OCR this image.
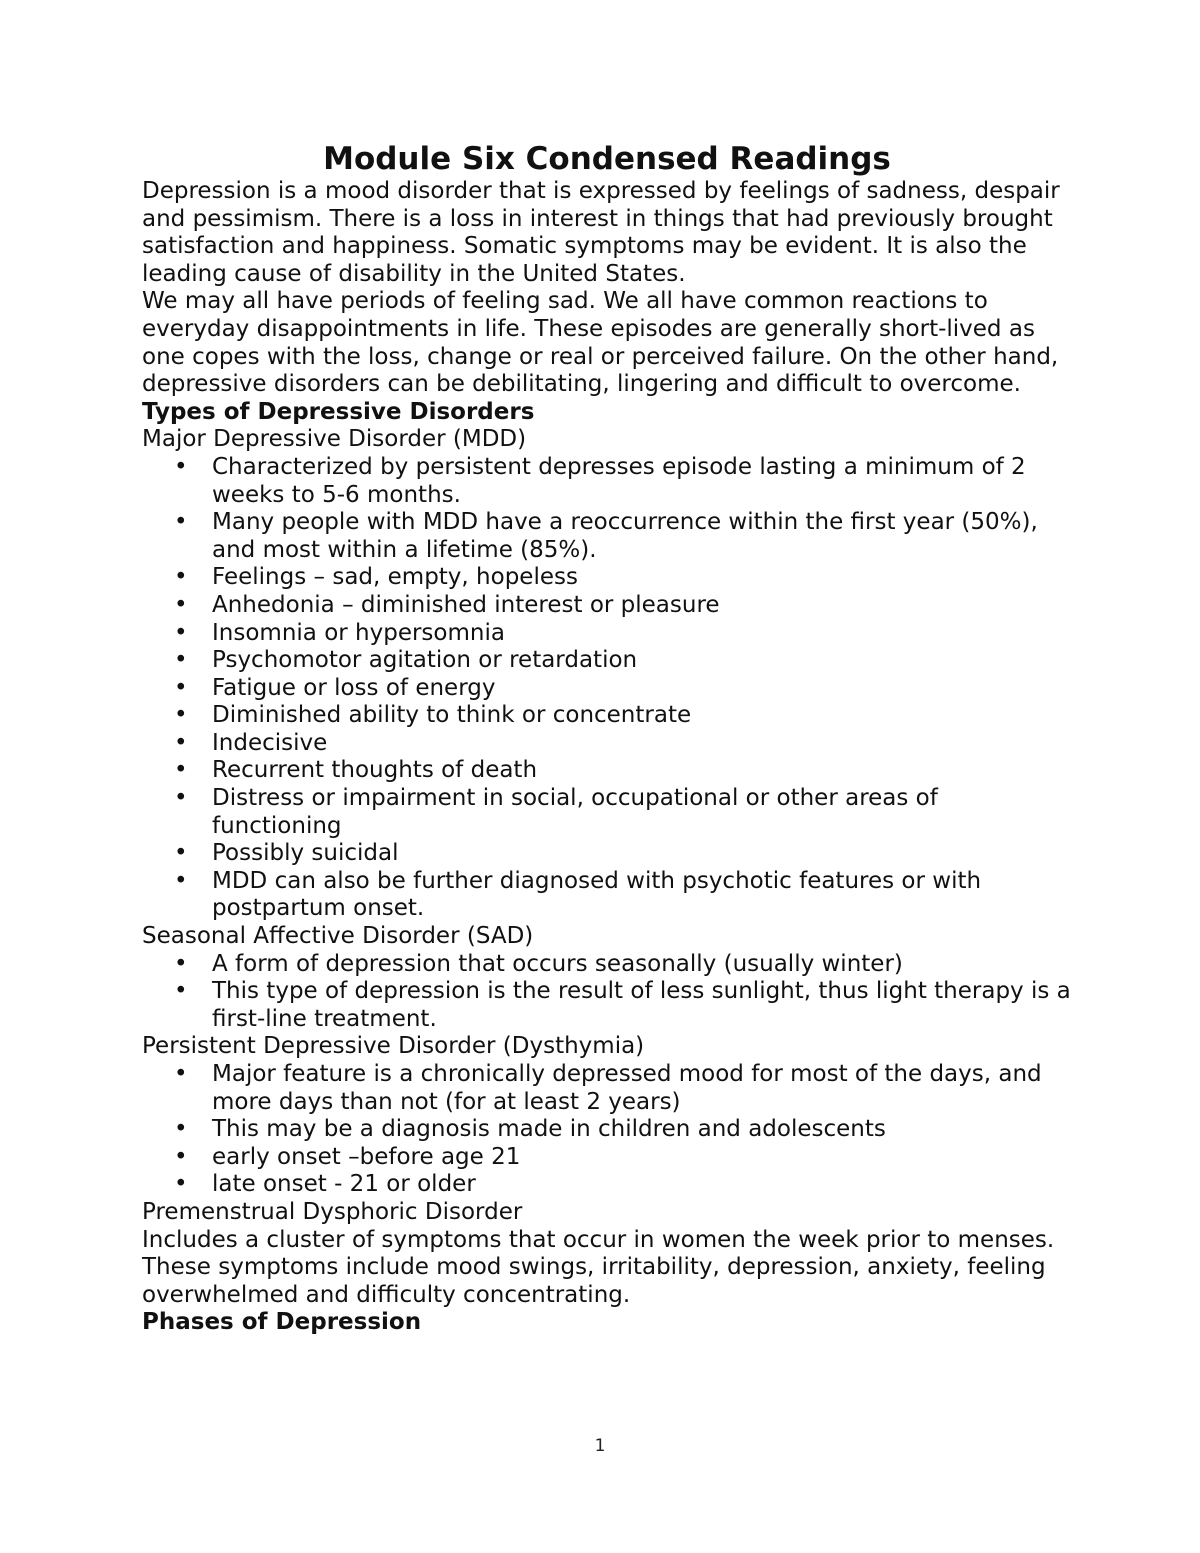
Module Six Condensed Readings

Depression is a mood disorder that is expressed by feelings of sadness, despair and pessimism. There is a loss in interest in things that had previously brought satisfaction and happiness. Somatic symptoms may be evident. It is also the leading cause of disability in the United States.

We may all have periods of feeling sad. We all have common reactions to everyday disappointments in life. These episodes are generally short-lived as one copes with the loss, change or real or perceived failure. On the other hand, depressive disorders can be debilitating, lingering and difficult to overcome.

Types of Depressive Disorders

Major Depressive Disorder (MDD)

• Characterized by persistent depresses episode lasting a minimum of 2 weeks to 5-6 months.
• Many people with MDD have a reoccurrence within the first year (50%), and most within a lifetime (85%).
• Feelings – sad, empty, hopeless
• Anhedonia – diminished interest or pleasure
• Insomnia or hypersomnia
• Psychomotor agitation or retardation
• Fatigue or loss of energy
• Diminished ability to think or concentrate
• Indecisive
• Recurrent thoughts of death
• Distress or impairment in social, occupational or other areas of functioning
• Possibly suicidal
• MDD can also be further diagnosed with psychotic features or with postpartum onset.

Seasonal Affective Disorder (SAD)

• A form of depression that occurs seasonally (usually winter)
• This type of depression is the result of less sunlight, thus light therapy is a first-line treatment.

Persistent Depressive Disorder (Dysthymia)

• Major feature is a chronically depressed mood for most of the days, and more days than not (for at least 2 years)
• This may be a diagnosis made in children and adolescents
• early onset –before age 21
• late onset - 21 or older

Premenstrual Dysphoric Disorder

Includes a cluster of symptoms that occur in women the week prior to menses. These symptoms include mood swings, irritability, depression, anxiety, feeling overwhelmed and difficulty concentrating.

Phases of Depression

1
